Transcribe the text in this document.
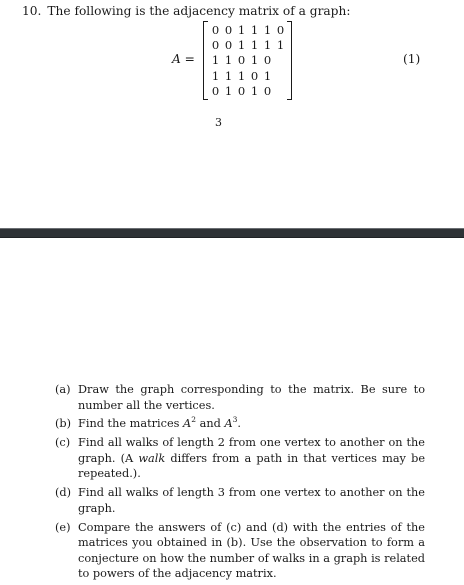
10. The following is the adjacency matrix of a graph:
A =
0 0 1 1 1 0
0 0 1 1 1 1
1 1 0 1 0
1 1 1 0 1
0 1 0 1 0
(1)
3
(a) Draw the graph corresponding to the matrix. Be sure to number all the vertices.
(b) Find the matrices $A^2$ and $A^3$.
(c) Find all walks of length 2 from one vertex to another on the graph. (A walk differs from a path in that vertices may be repeated.).
(d) Find all walks of length 3 from one vertex to another on the graph.
(e) Compare the answers of (c) and (d) with the entries of the matrices you obtained in (b). Use the observation to form a conjecture on how the number of walks in a graph is related to powers of the adjacency matrix.
